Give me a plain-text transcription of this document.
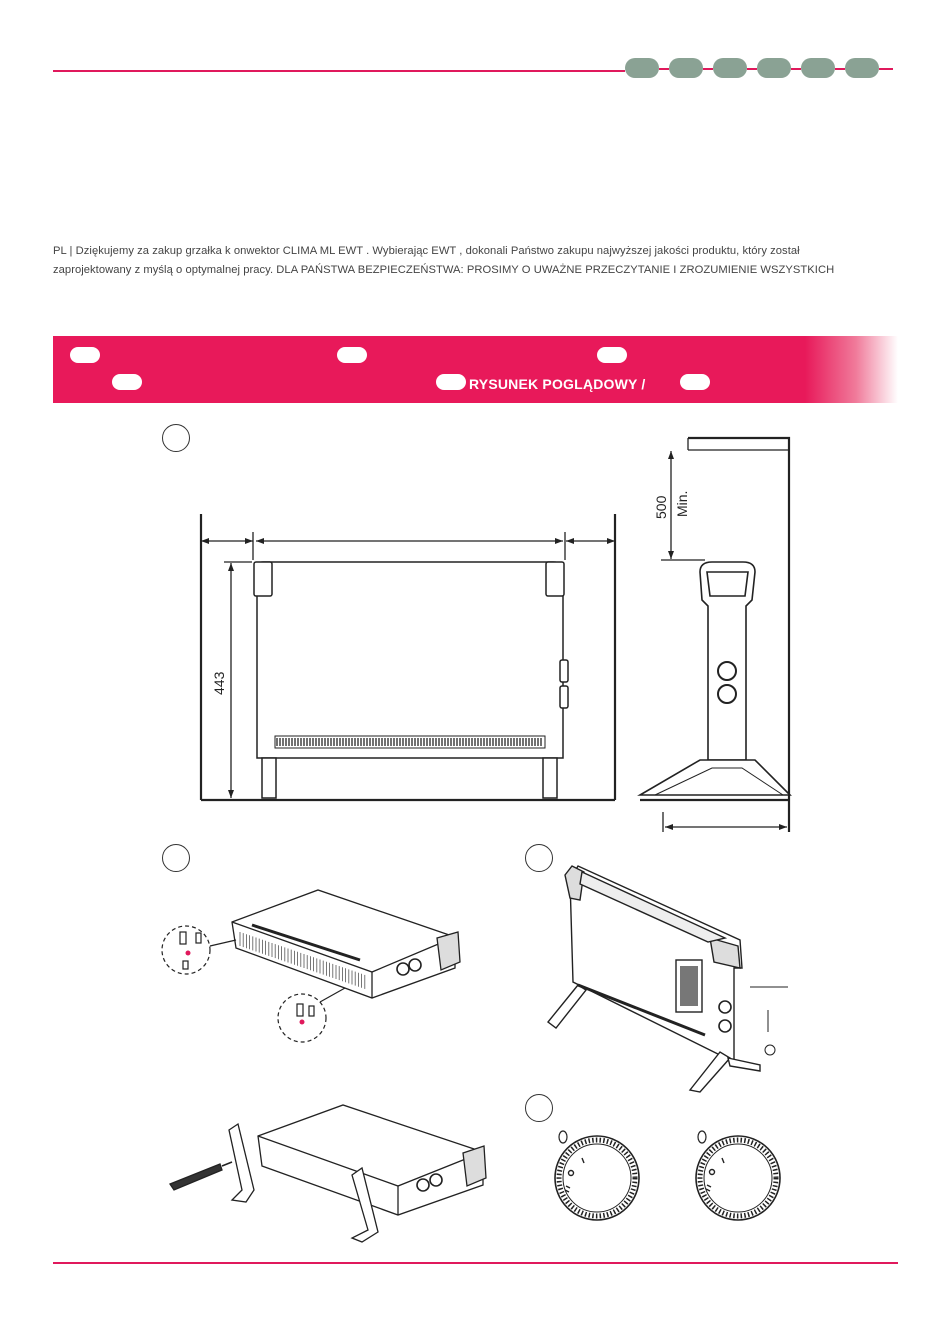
PL | Dziękujemy za zakup grzałka k onwektor CLIMA ML EWT . Wybierając EWT , dokonali Państwo zakupu najwyższej jakości produktu, który został
zaprojektowany z myślą o optymalnej pracy. DLA PAŃSTWA BEZPIECZEŃSTWA: PROSIMY O UWAŻNE PRZECZYTANIE I ZROZUMIENIE WSZYSTKICH
RYSUNEK POGLĄDOWY /
443
500 Min.
